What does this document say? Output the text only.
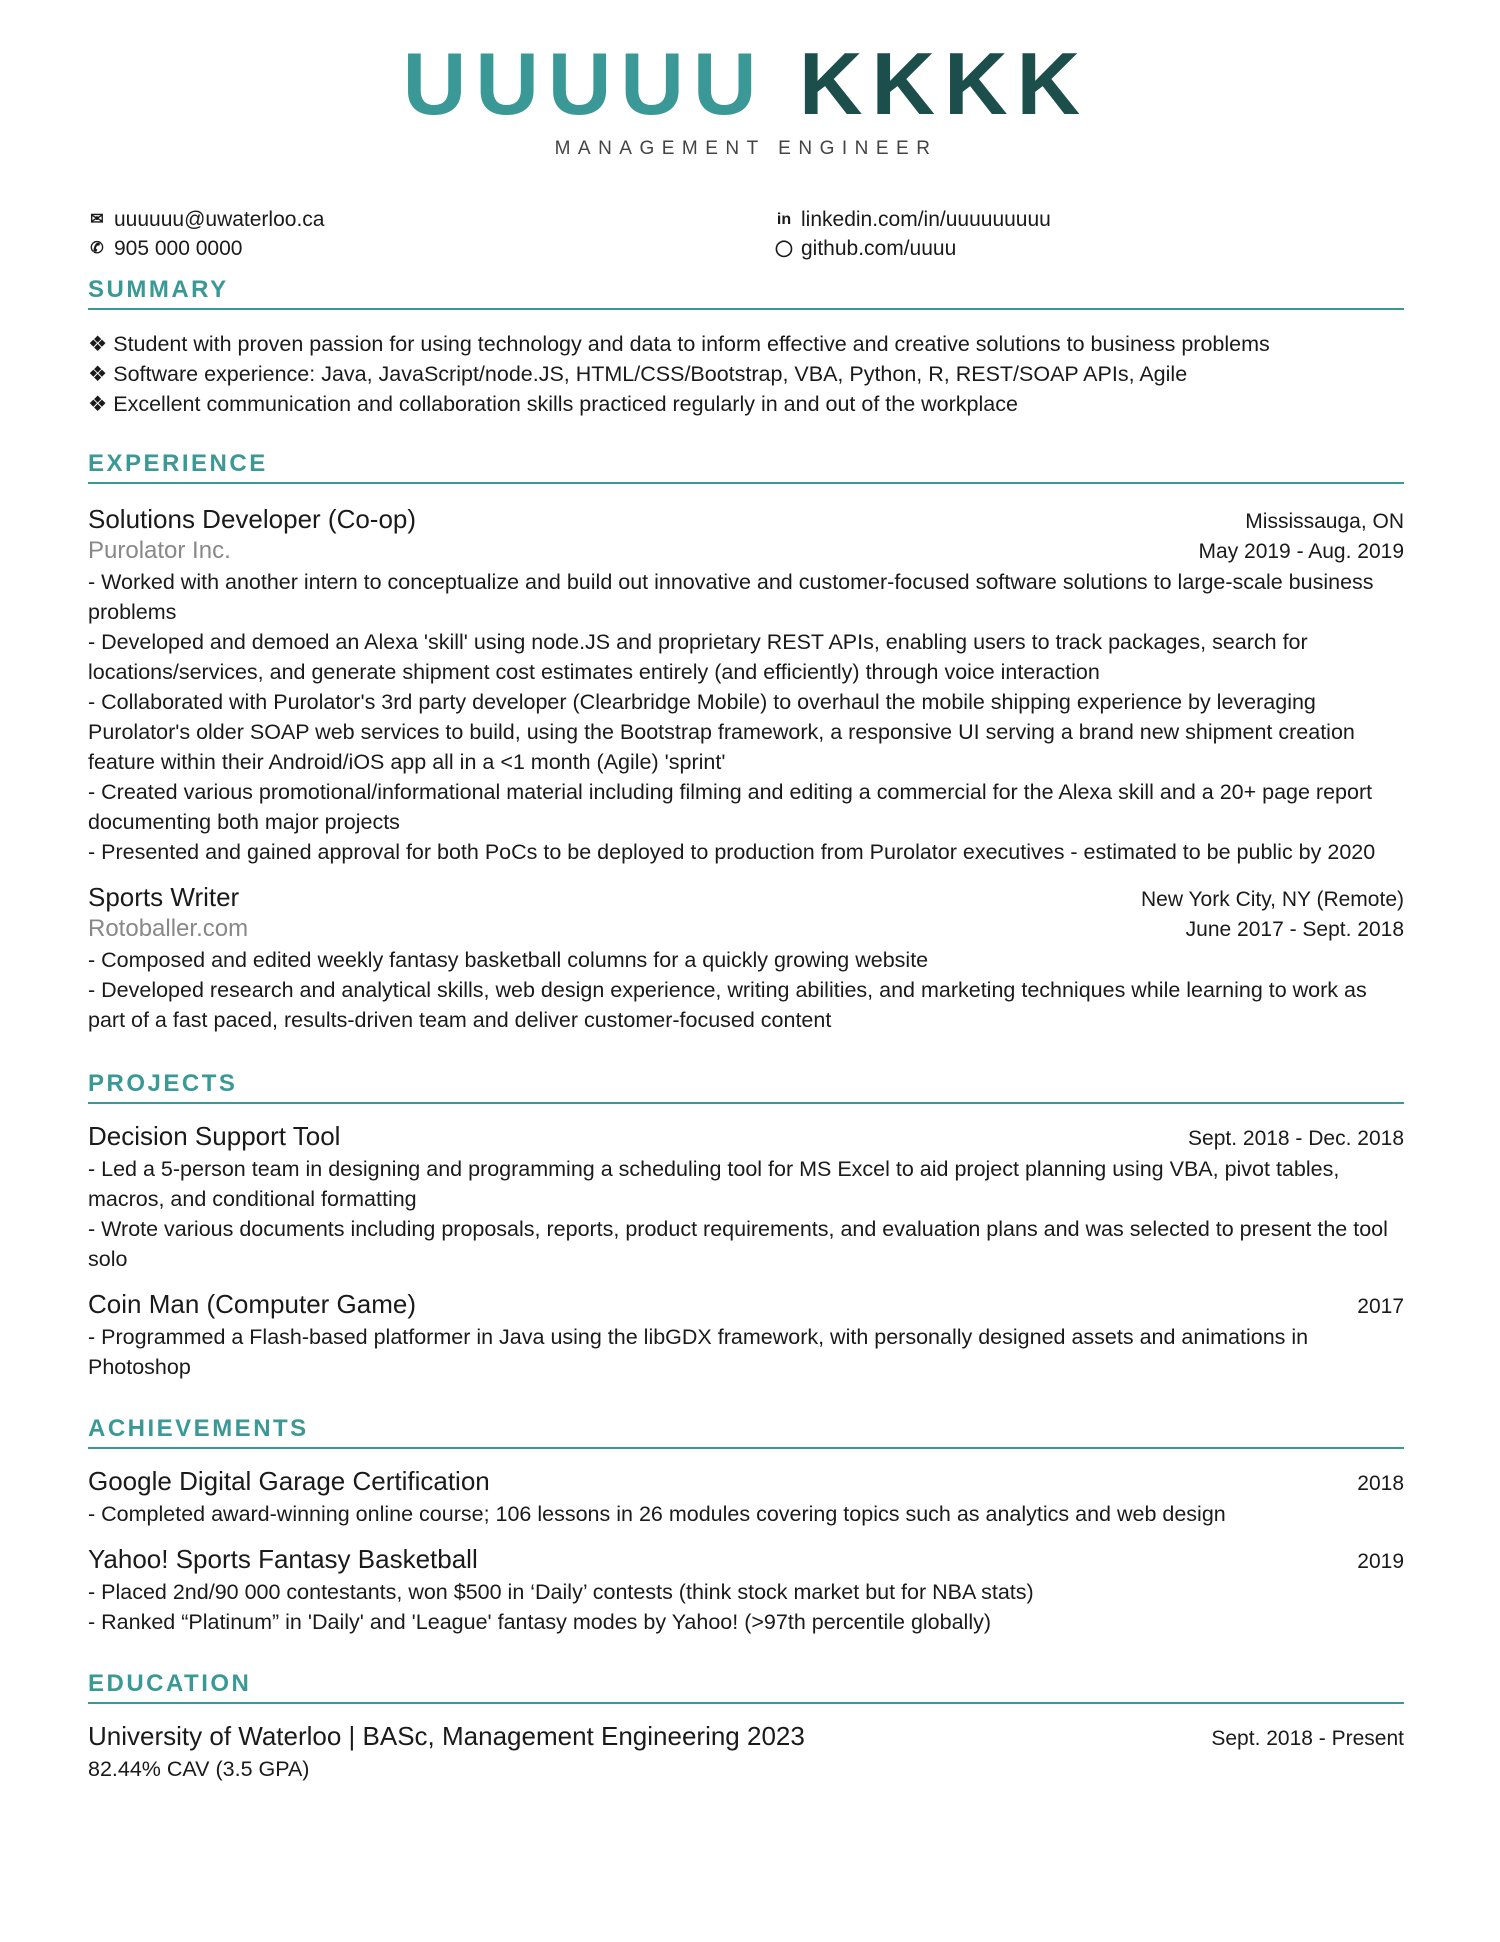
UUUUU KKKK
MANAGEMENT ENGINEER
✉ uuuuuu@uwaterloo.ca	in linkedin.com/in/uuuuuuuuu
✆ 905 000 0000	◯ github.com/uuuu
SUMMARY
❖ Student with proven passion for using technology and data to inform effective and creative solutions to business problems
❖ Software experience: Java, JavaScript/node.JS, HTML/CSS/Bootstrap, VBA, Python, R, REST/SOAP APIs, Agile
❖ Excellent communication and collaboration skills practiced regularly in and out of the workplace
EXPERIENCE
Solutions Developer (Co-op)	Mississauga, ON
Purolator Inc.	May 2019 - Aug. 2019
- Worked with another intern to conceptualize and build out innovative and customer-focused software solutions to large-scale business problems
- Developed and demoed an Alexa 'skill' using node.JS and proprietary REST APIs, enabling users to track packages, search for locations/services, and generate shipment cost estimates entirely (and efficiently) through voice interaction
- Collaborated with Purolator's 3rd party developer (Clearbridge Mobile) to overhaul the mobile shipping experience by leveraging Purolator's older SOAP web services to build, using the Bootstrap framework, a responsive UI serving a brand new shipment creation feature within their Android/iOS app all in a <1 month (Agile) 'sprint'
- Created various promotional/informational material including filming and editing a commercial for the Alexa skill and a 20+ page report documenting both major projects
- Presented and gained approval for both PoCs to be deployed to production from Purolator executives - estimated to be public by 2020
Sports Writer	New York City, NY (Remote)
Rotoballer.com	June 2017 - Sept. 2018
- Composed and edited weekly fantasy basketball columns for a quickly growing website
- Developed research and analytical skills, web design experience, writing abilities, and marketing techniques while learning to work as part of a fast paced, results-driven team and deliver customer-focused content
PROJECTS
Decision Support Tool	Sept. 2018 - Dec. 2018
- Led a 5-person team in designing and programming a scheduling tool for MS Excel to aid project planning using VBA, pivot tables, macros, and conditional formatting
- Wrote various documents including proposals, reports, product requirements, and evaluation plans and was selected to present the tool solo
Coin Man (Computer Game)	2017
- Programmed a Flash-based platformer in Java using the libGDX framework, with personally designed assets and animations in Photoshop
ACHIEVEMENTS
Google Digital Garage Certification	2018
- Completed award-winning online course; 106 lessons in 26 modules covering topics such as analytics and web design
Yahoo! Sports Fantasy Basketball	2019
- Placed 2nd/90 000 contestants, won $500 in ‘Daily’ contests (think stock market but for NBA stats)
- Ranked “Platinum” in 'Daily' and 'League' fantasy modes by Yahoo! (>97th percentile globally)
EDUCATION
University of Waterloo | BASc, Management Engineering 2023	Sept. 2018 - Present
82.44% CAV (3.5 GPA)
